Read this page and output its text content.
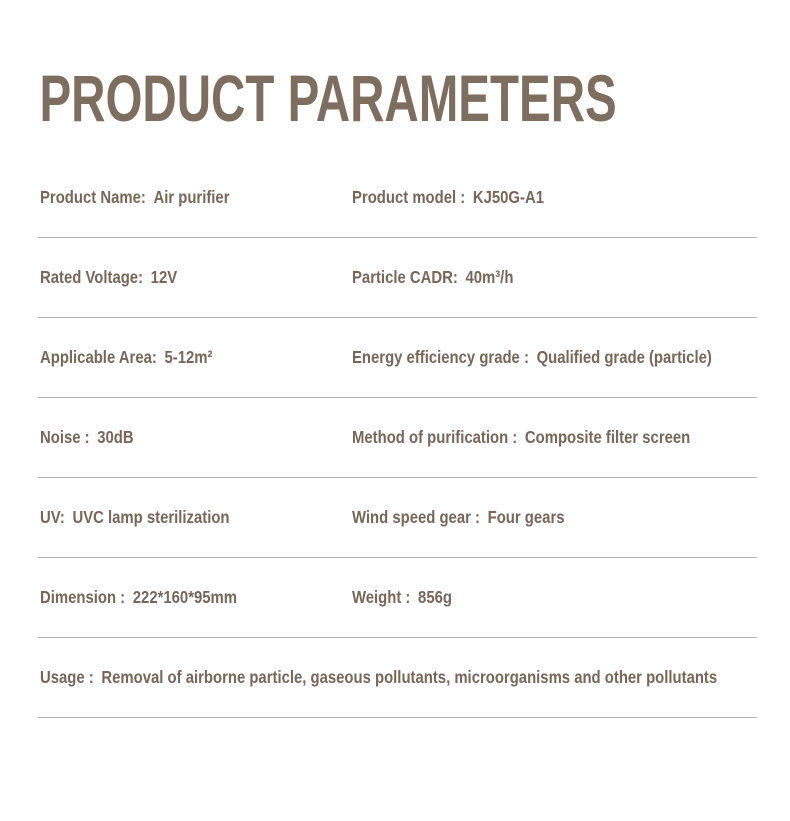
PRODUCT PARAMETERS
Product Name: Air purifier	Product model : KJ50G-A1
Rated Voltage: 12V	Particle CADR: 40m³/h
Applicable Area: 5-12m²	Energy efficiency grade : Qualified grade (particle)
Noise : 30dB	Method of purification : Composite filter screen
UV: UVC lamp sterilization	Wind speed gear : Four gears
Dimension : 222*160*95mm	Weight : 856g
Usage : Removal of airborne particle, gaseous pollutants, microorganisms and other pollutants
